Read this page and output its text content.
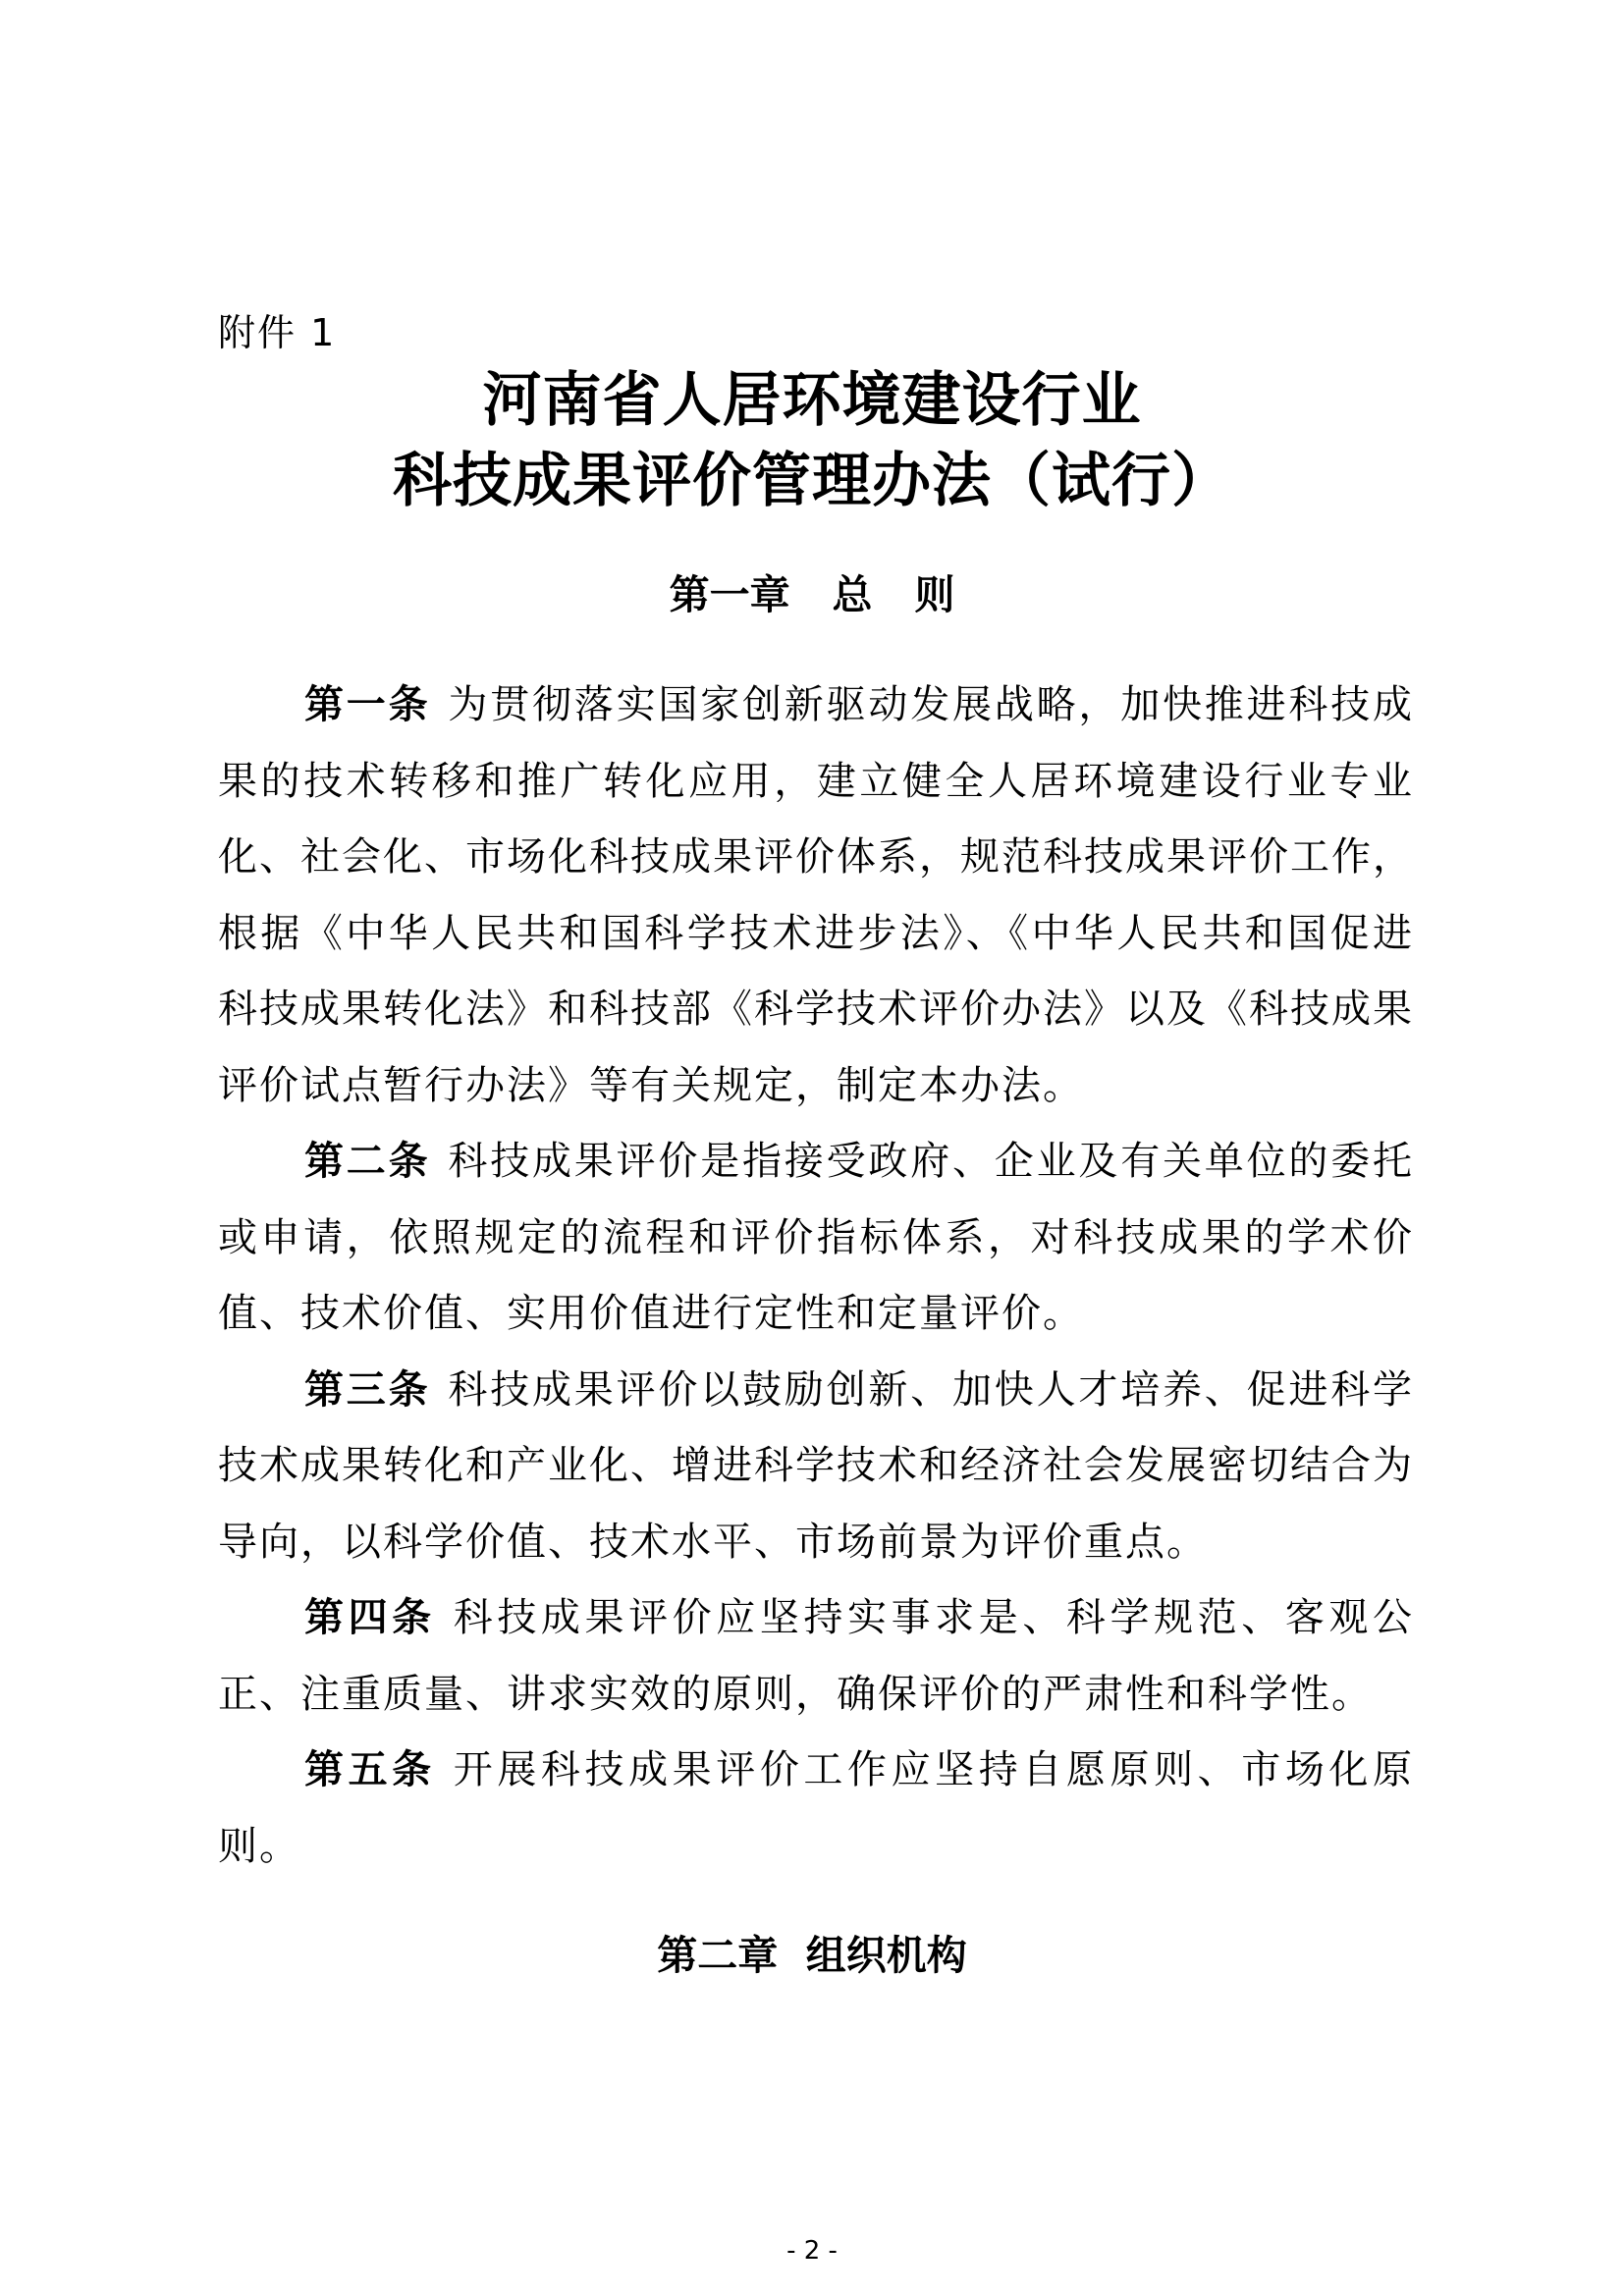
附件 1
河南省人居环境建设行业
科技成果评价管理办法（试行）
第一章   总   则

第一条 为贯彻落实国家创新驱动发展战略，加快推进科技成果的技术转移和推广转化应用，建立健全人居环境建设行业专业化、社会化、市场化科技成果评价体系，规范科技成果评价工作，根据《中华人民共和国科学技术进步法》、《中华人民共和国促进科技成果转化法》和科技部《科学技术评价办法》以及《科技成果评价试点暂行办法》等有关规定，制定本办法。

第二条 科技成果评价是指接受政府、企业及有关单位的委托或申请，依照规定的流程和评价指标体系，对科技成果的学术价值、技术价值、实用价值进行定性和定量评价。

第三条 科技成果评价以鼓励创新、加快人才培养、促进科学技术成果转化和产业化、增进科学技术和经济社会发展密切结合为导向，以科学价值、技术水平、市场前景为评价重点。

第四条 科技成果评价应坚持实事求是、科学规范、客观公正、注重质量、讲求实效的原则，确保评价的严肃性和科学性。

第五条 开展科技成果评价工作应坚持自愿原则、市场化原则。

第二章  组织机构
- 2 -
